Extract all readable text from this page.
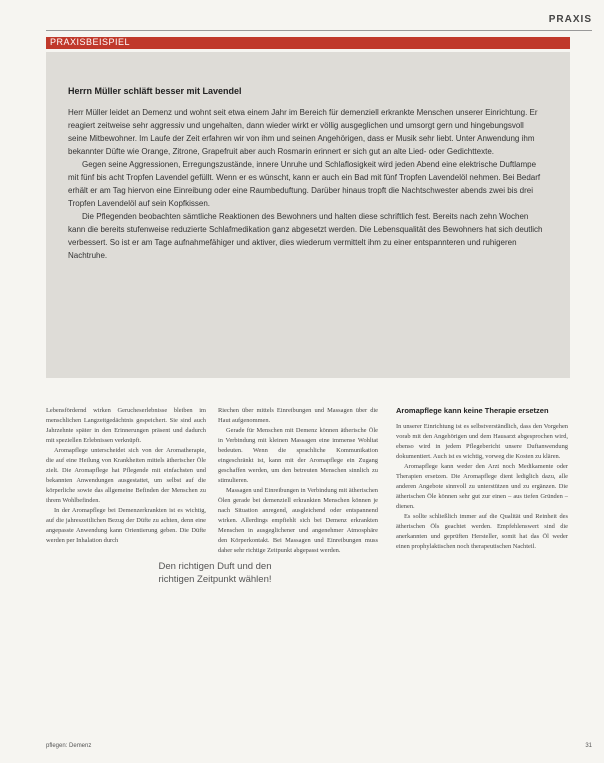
PRAXIS
PRAXISBEISPIEL

Herrn Müller schläft besser mit Lavendel

Herr Müller leidet an Demenz und wohnt seit etwa einem Jahr im Bereich für demenziell erkrankte Menschen unserer Einrichtung. Er reagiert zeitweise sehr aggressiv und ungehalten, dann wieder wirkt er völlig ausgeglichen und umsorgt gern und hingebungsvoll seine Mitbewohner. Im Laufe der Zeit erfahren wir von ihm und seinen Angehörigen, dass er Musik sehr liebt. Unter Anwendung ihm bekannter Düfte wie Orange, Zitrone, Grapefruit aber auch Rosmarin erinnert er sich gut an alte Lied- oder Gedichttexte.

Gegen seine Aggressionen, Erregungszustände, innere Unruhe und Schlaflosigkeit wird jeden Abend eine elektrische Duftlampe mit fünf bis acht Tropfen Lavendel gefüllt. Wenn er es wünscht, kann er auch ein Bad mit fünf Tropfen Lavendelöl nehmen. Bei Bedarf erhält er am Tag hiervon eine Einreibung oder eine Raumbeduftung. Darüber hinaus tropft die Nachtschwester abends zwei bis drei Tropfen Lavendelöl auf sein Kopfkissen.

Die Pflegenden beobachten sämtliche Reaktionen des Bewohners und halten diese schriftlich fest. Bereits nach zehn Wochen kann die bereits stufenweise reduzierte Schlafmedikation ganz abgesetzt werden. Die Lebensqualität des Bewohners hat sich deutlich verbessert. So ist er am Tage aufnahmefähiger und aktiver, dies wiederum vermittelt ihm zu einer entspannteren und ruhigeren Nachtruhe.

Lebensfördernd wirken Gerucheserlebnisse bleiben im menschlichen Langzeitgedächtnis gespeichert. Sie sind auch Jahrzehnte später in den Erinnerungen präsent und dadurch mit speziellen Erlebnissen verknüpft.

Aromapflege unterscheidet sich von der Aromatherapie, die auf eine Heilung von Krankheiten mittels ätherischer Öle zielt. Die Aromapflege hat Pflegende mit einfachsten und bekannten Anwendungen ausgestattet, um selbst auf die körperliche sowie das allgemeine Befinden der Menschen zu ihrem Wohlbefinden.

In der Aromapflege bei Demenzerkrankten ist es wichtig, auf die jahreszeitlichen Bezug der Düfte zu achten, denn eine angepasste Anwendung kann Orientierung geben. Die Düfte werden per Inhalation durch

Riechen über mittels Einreibungen und Massagen über die Haut aufgenommen.

Gerade für Menschen mit Demenz können ätherische Öle in Verbindung mit kleinen Massagen eine immense Wohltat bedeuten. Wenn die sprachliche Kommunikation eingeschränkt ist, kann mit der Aromapflege ein Zugang geschaffen werden, um den betreuten Menschen sinnlich zu stimulieren.

Massagen und Einreibungen in Verbindung mit ätherischen Ölen gerade bei demenziell erkrankten Menschen können je nach Situation anregend, ausgleichend oder entspannend wirken. Allerdings empfiehlt sich bei Demenz erkrankten Menschen in ausgeglichener und angenehmer Atmosphäre den Körperkontakt. Bei Massagen und Einreibungen muss daher sehr richtige Zeitpunkt abgepasst werden.

Aromapflege kann keine Therapie ersetzen

In unserer Einrichtung ist es selbstverständlich, dass den Vorgehen vorab mit den Angehörigen und dem Hausarzt abgesprochen wird, ebenso wird in jedem Pflegebericht unsere Duftanwendung dokumentiert. Auch ist es wichtig, vorweg die Kosten zu klären.

Aromapflege kann weder den Arzt noch Medikamente oder Therapien ersetzen. Die Aromapflege dient lediglich dazu, alle anderen Angebote sinnvoll zu unterstützen und zu ergänzen. Die ätherischen Öle können sehr gut zur einen – aus tiefen Gründen – dienen.

Es sollte schließlich immer auf die Qualität und Reinheit des ätherischen Öls geachtet werden. Empfehlenswert sind die anerkannten und geprüften Hersteller, somit hat das Öl weder einen prophylaktischen noch therapeutischen Nachteil.

Den richtigen Duft und den richtigen Zeitpunkt wählen!
pflegen: Demenz	31
